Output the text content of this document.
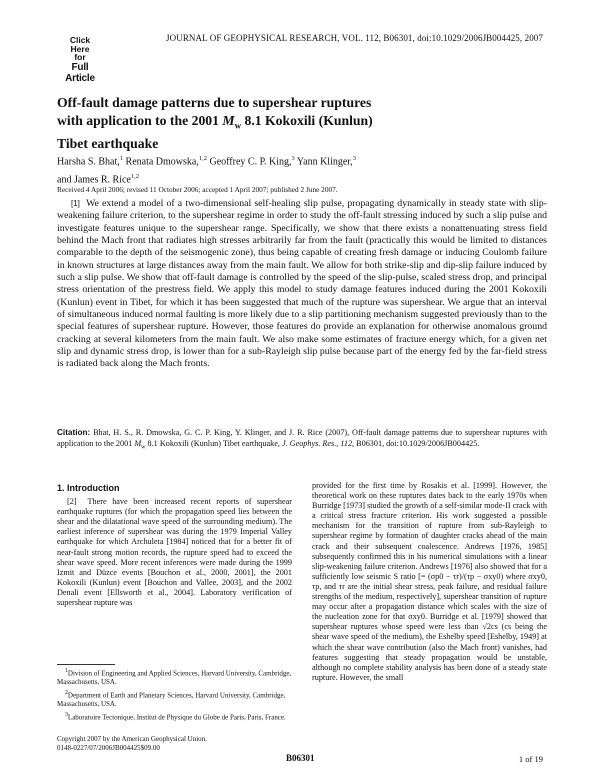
Click
Here
for
Full
Article
JOURNAL OF GEOPHYSICAL RESEARCH, VOL. 112, B06301, doi:10.1029/2006JB004425, 2007
Off-fault damage patterns due to supershear ruptures with application to the 2001 $M_w$ 8.1 Kokoxili (Kunlun) Tibet earthquake
Harsha S. Bhat,$^1$ Renata Dmowska,$^{1,2}$ Geoffrey C. P. King,$^3$ Yann Klinger,$^3$
and James R. Rice$^{1,2}$
Received 4 April 2006; revised 11 October 2006; accepted 1 April 2007; published 2 June 2007.
[1] We extend a model of a two-dimensional self-healing slip pulse, propagating dynamically in steady state with slip-weakening failure criterion, to the supershear regime in order to study the off-fault stressing induced by such a slip pulse and investigate features unique to the supershear range. Specifically, we show that there exists a nonattenuating stress field behind the Mach front that radiates high stresses arbitrarily far from the fault (practically this would be limited to distances comparable to the depth of the seismogenic zone), thus being capable of creating fresh damage or inducing Coulomb failure in known structures at large distances away from the main fault. We allow for both strike-slip and dip-slip failure induced by such a slip pulse. We show that off-fault damage is controlled by the speed of the slip-pulse, scaled stress drop, and principal stress orientation of the prestress field. We apply this model to study damage features induced during the 2001 Kokoxili (Kunlun) event in Tibet, for which it has been suggested that much of the rupture was supershear. We argue that an interval of simultaneous induced normal faulting is more likely due to a slip partitioning mechanism suggested previously than to the special features of supershear rupture. However, those features do provide an explanation for otherwise anomalous ground cracking at several kilometers from the main fault. We also make some estimates of fracture energy which, for a given net slip and dynamic stress drop, is lower than for a sub-Rayleigh slip pulse because part of the energy fed by the far-field stress is radiated back along the Mach fronts.
Citation: Bhat, H. S., R. Dmowska, G. C. P. King, Y. Klinger, and J. R. Rice (2007), Off-fault damage patterns due to supershear ruptures with application to the 2001 $M_w$ 8.1 Kokoxili (Kunlun) Tibet earthquake, J. Geophys. Res., 112, B06301, doi:10.1029/2006JB004425.
1. Introduction

[2] There have been increased recent reports of supershear earthquake ruptures (for which the propagation speed lies between the shear and the dilatational wave speed of the surrounding medium). The earliest inference of supershear was during the 1979 Imperial Valley earthquake for which Archuleta [1984] noticed that for a better fit of near-fault strong motion records, the rupture speed had to exceed the shear wave speed. More recent inferences were made during the 1999 Izmit and Düzce events [Bouchon et al., 2000, 2001], the 2001 Kokoxili (Kunlun) event [Bouchon and Vallee, 2003], and the 2002 Denali event [Ellsworth et al., 2004]. Laboratory verification of supershear rupture was

provided for the first time by Rosakis et al. [1999]. However, the theoretical work on these ruptures dates back to the early 1970s when Burridge [1973] studied the growth of a self-similar mode-II crack with a critical stress fracture criterion. His work suggested a possible mechanism for the transition of rupture from sub-Rayleigh to supershear regime by formation of daughter cracks ahead of the main crack and their subsequent coalescence. Andrews [1976, 1985] subsequently confirmed this in his numerical simulations with a linear slip-weakening failure criterion. Andrews [1976] also showed that for a sufficiently low seismic S ratio [= (σp0 − τr)/(τp − σxy0) where σxy0, τp, and τr are the initial shear stress, peak failure, and residual failure strengths of the medium, respectively], supershear transition of rupture may occur after a propagation distance which scales with the size of the nucleation zone for that σxy0. Burridge et al. [1979] showed that supershear ruptures whose speed were less than √2cs (cs being the shear wave speed of the medium), the Eshelby speed [Eshelby, 1949] at which the shear wave contribution (also the Mach front) vanishes, had features suggesting that steady propagation would be unstable, although no complete stability analysis has been done of a steady state rupture. However, the small

$^1$Division of Engineering and Applied Sciences, Harvard University, Cambridge, Massachusetts, USA.

$^2$Department of Earth and Planetary Sciences, Harvard University, Cambridge, Massachusetts, USA.

$^3$Laboratoire Tectonique, Institut de Physique du Globe de Paris, Paris, France.

Copyright 2007 by the American Geophysical Union.
0148-0227/07/2006JB004425$09.00
B06301	1 of 19
